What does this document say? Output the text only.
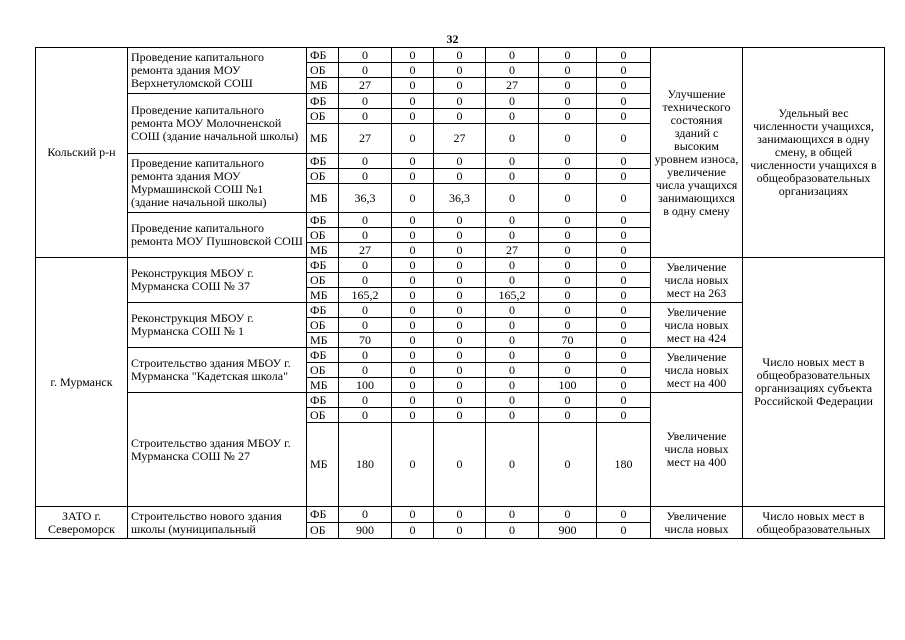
32
Кольский р-н	Проведение капитального ремонта здания МОУ Верхнетуломской СОШ	ФБ	0	0	0	0	0	0	Улучшение технического состояния зданий с высоким уровнем износа, увеличение числа учащихся занимающихся в одну смену	Удельный вес численности учащихся, занимающихся в одну смену, в общей численности учащихся в общеобразовательных организациях
		ОБ	0	0	0	0	0	0		
		МБ	27	0	0	27	0	0		
	Проведение капитального ремонта МОУ Молочненской СОШ (здание начальной школы)	ФБ	0	0	0	0	0	0		
		ОБ	0	0	0	0	0	0		
		МБ	27	0	27	0	0	0		
	Проведение капитального ремонта здания МОУ Мурмашинской СОШ №1 (здание начальной школы)	ФБ	0	0	0	0	0	0		
		ОБ	0	0	0	0	0	0		
		МБ	36,3	0	36,3	0	0	0		
	Проведение капитального ремонта МОУ Пушновской СОШ	ФБ	0	0	0	0	0	0		
		ОБ	0	0	0	0	0	0		
		МБ	27	0	0	27	0	0		
г. Мурманск	Реконструкция МБОУ г. Мурманска СОШ № 37	ФБ	0	0	0	0	0	0	Увеличение числа новых мест на 263	Число новых мест в общеобразовательных организациях субъекта Российской Федерации
		ОБ	0	0	0	0	0	0		
		МБ	165,2	0	0	165,2	0	0		
	Реконструкция МБОУ г. Мурманска СОШ № 1	ФБ	0	0	0	0	0	0	Увеличение числа новых мест на 424	
		ОБ	0	0	0	0	0	0		
		МБ	70	0	0	0	70	0		
	Строительство здания МБОУ г. Мурманска "Кадетская школа"	ФБ	0	0	0	0	0	0	Увеличение числа новых мест на 400	
		ОБ	0	0	0	0	0	0		
		МБ	100	0	0	0	100	0		
	Строительство здания МБОУ г. Мурманска СОШ № 27	ФБ	0	0	0	0	0	0	Увеличение числа новых мест на 400	
		ОБ	0	0	0	0	0	0		
		МБ	180	0	0	0	0	180		
ЗАТО г. Североморск	Строительство нового здания школы (муниципальный	ФБ	0	0	0	0	0	0	Увеличение числа новых	Число новых мест в общеобразовательных
		ОБ	900	0	0	0	900	0		
